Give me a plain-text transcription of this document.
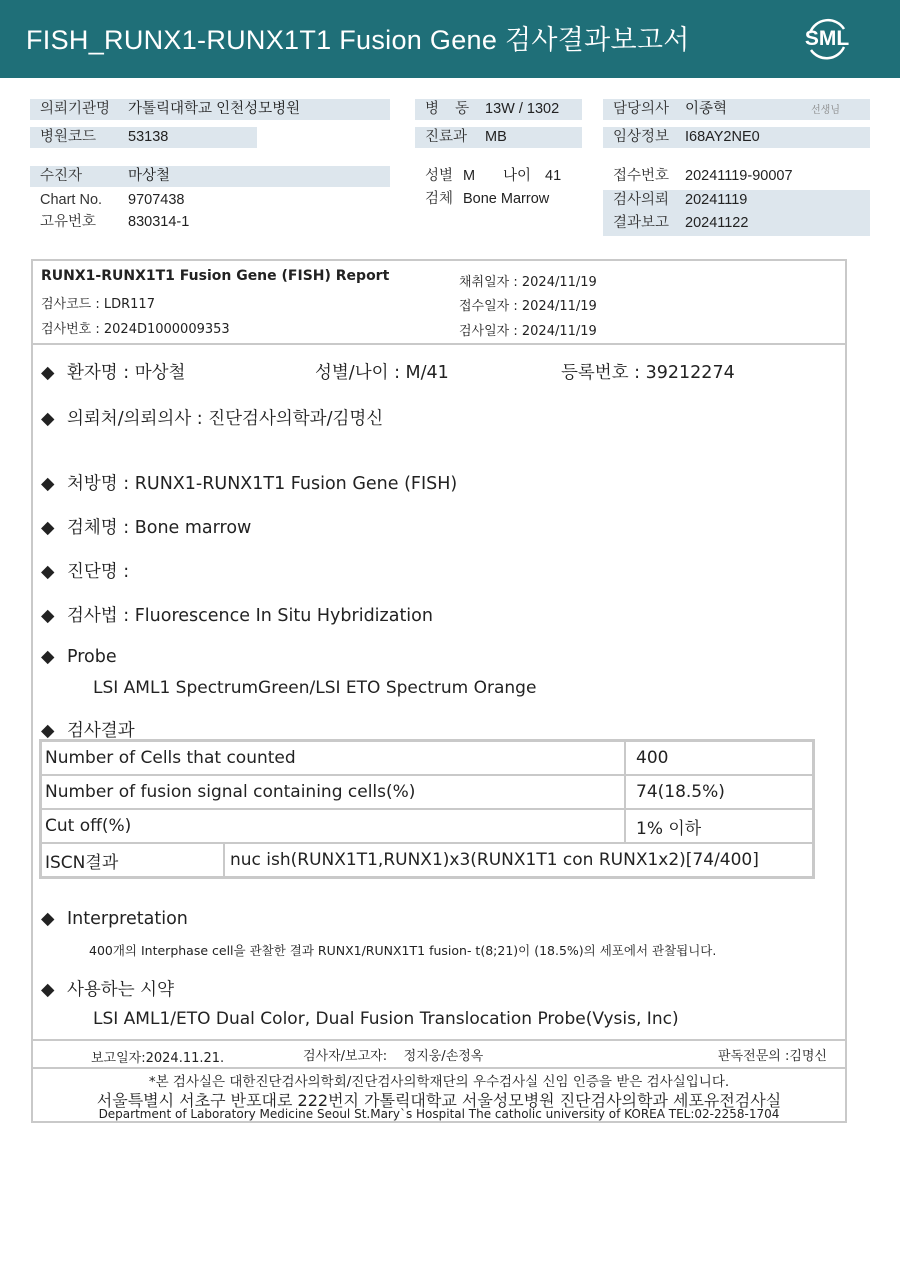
FISH_RUNX1-RUNX1T1 Fusion Gene 검사결과보고서	SML
의뢰기관명 가톨릭대학교 인천성모병원	병    동 13W / 1302	담당의사 이종혁	선생님
병원코드 53138	진료과 MB	임상정보 I68AY2NE0
수진자	마상철
Chart No. 9707438
고유번호 830314-1
성별 M 나이 41
검체 Bone Marrow
접수번호 20241119-90007
검사의뢰 20241119
결과보고 20241122
RUNX1-RUNX1T1 Fusion Gene (FISH) Report
검사코드 : LDR117
검사번호 : 2024D1000009353
채취일자 : 2024/11/19
접수일자 : 2024/11/19
검사일자 : 2024/11/19
◆ 환자명 : 마상철	성별/나이 : M/41	등록번호 : 39212274
◆ 의뢰처/의뢰의사 : 진단검사의학과/김명신
◆ 처방명 : RUNX1-RUNX1T1 Fusion Gene (FISH)
◆ 검체명 : Bone marrow
◆ 진단명 :
◆ 검사법 : Fluorescence In Situ Hybridization
◆ Probe
LSI AML1 SpectrumGreen/LSI ETO Spectrum Orange
◆ 검사결과
Number of Cells that counted		400
Number of fusion signal containing cells(%)		74(18.5%)
Cut off(%)		1% 이하
ISCN결과	nuc ish(RUNX1T1,RUNX1)x3(RUNX1T1 con RUNX1x2)[74/400]	
◆ Interpretation
400개의 Interphase cell을 관찰한 결과 RUNX1/RUNX1T1 fusion- t(8;21)이 (18.5%)의 세포에서 관찰됩니다.
◆ 사용하는 시약
LSI AML1/ETO Dual Color, Dual Fusion Translocation Probe(Vysis, Inc)
보고일자:2024.11.21.	검사자/보고자:    정지웅/손정옥	판독전문의 :김명신
*본 검사실은 대한진단검사의학회/진단검사의학재단의 우수검사실 신임 인증을 받은 검사실입니다.
서울특별시 서초구 반포대로 222번지 가톨릭대학교 서울성모병원 진단검사의학과 세포유전검사실
Department of Laboratory Medicine Seoul St.Mary`s Hospital The catholic university of KOREA TEL:02-2258-1704
